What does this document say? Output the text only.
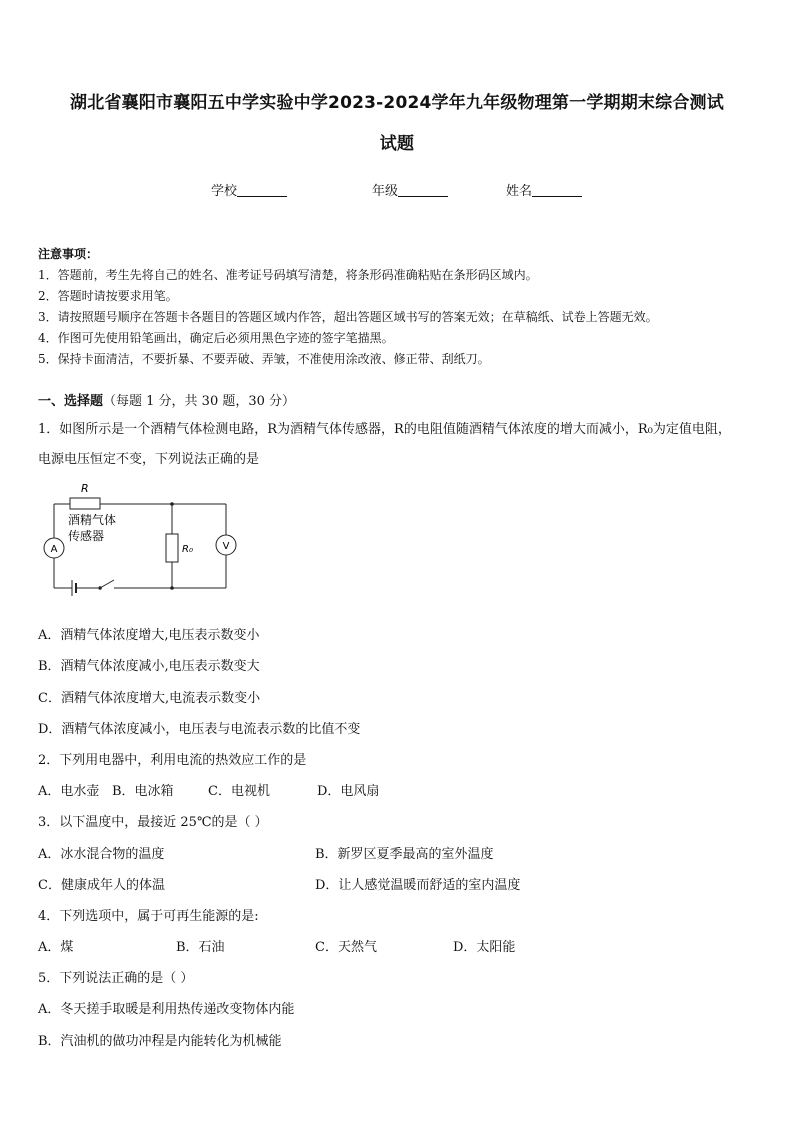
湖北省襄阳市襄阳五中学实验中学2023-2024学年九年级物理第一学期期末综合测试
试题
学校	年级	姓名
注意事项：
1．答题前，考生先将自己的姓名、准考证号码填写清楚，将条形码准确粘贴在条形码区域内。
2．答题时请按要求用笔。
3．请按照题号顺序在答题卡各题目的答题区域内作答，超出答题区域书写的答案无效；在草稿纸、试卷上答题无效。
4．作图可先使用铅笔画出，确定后必须用黑色字迹的签字笔描黑。
5．保持卡面清洁，不要折暴、不要弄破、弄皱，不准使用涂改液、修正带、刮纸刀。
一、选择题（每题 1 分，共 30 题，30 分）
1．如图所示是一个酒精气体检测电路，R为酒精气体传感器，R的电阻值随酒精气体浓度的增大而减小，R₀为定值电阻，
电源电压恒定不变，下列说法正确的是
R
酒精气体
传感器
R₀
A	V
A．酒精气体浓度增大,电压表示数变小
B．酒精气体浓度减小,电压表示数变大
C．酒精气体浓度增大,电流表示数变小
D．酒精气体浓度减小，电压表与电流表示数的比值不变
2．下列用电器中，利用电流的热效应工作的是
A．电水壶 B．电冰箱	C．电视机	D．电风扇
3．以下温度中，最接近 25℃的是（ ）
A．冰水混合物的温度	B．新罗区夏季最高的室外温度
C．健康成年人的体温	D．让人感觉温暖而舒适的室内温度
4．下列选项中，属于可再生能源的是:
A．煤	B．石油	C．天然气	D．太阳能
5．下列说法正确的是（ ）
A．冬天搓手取暖是利用热传递改变物体内能
B．汽油机的做功冲程是内能转化为机械能
